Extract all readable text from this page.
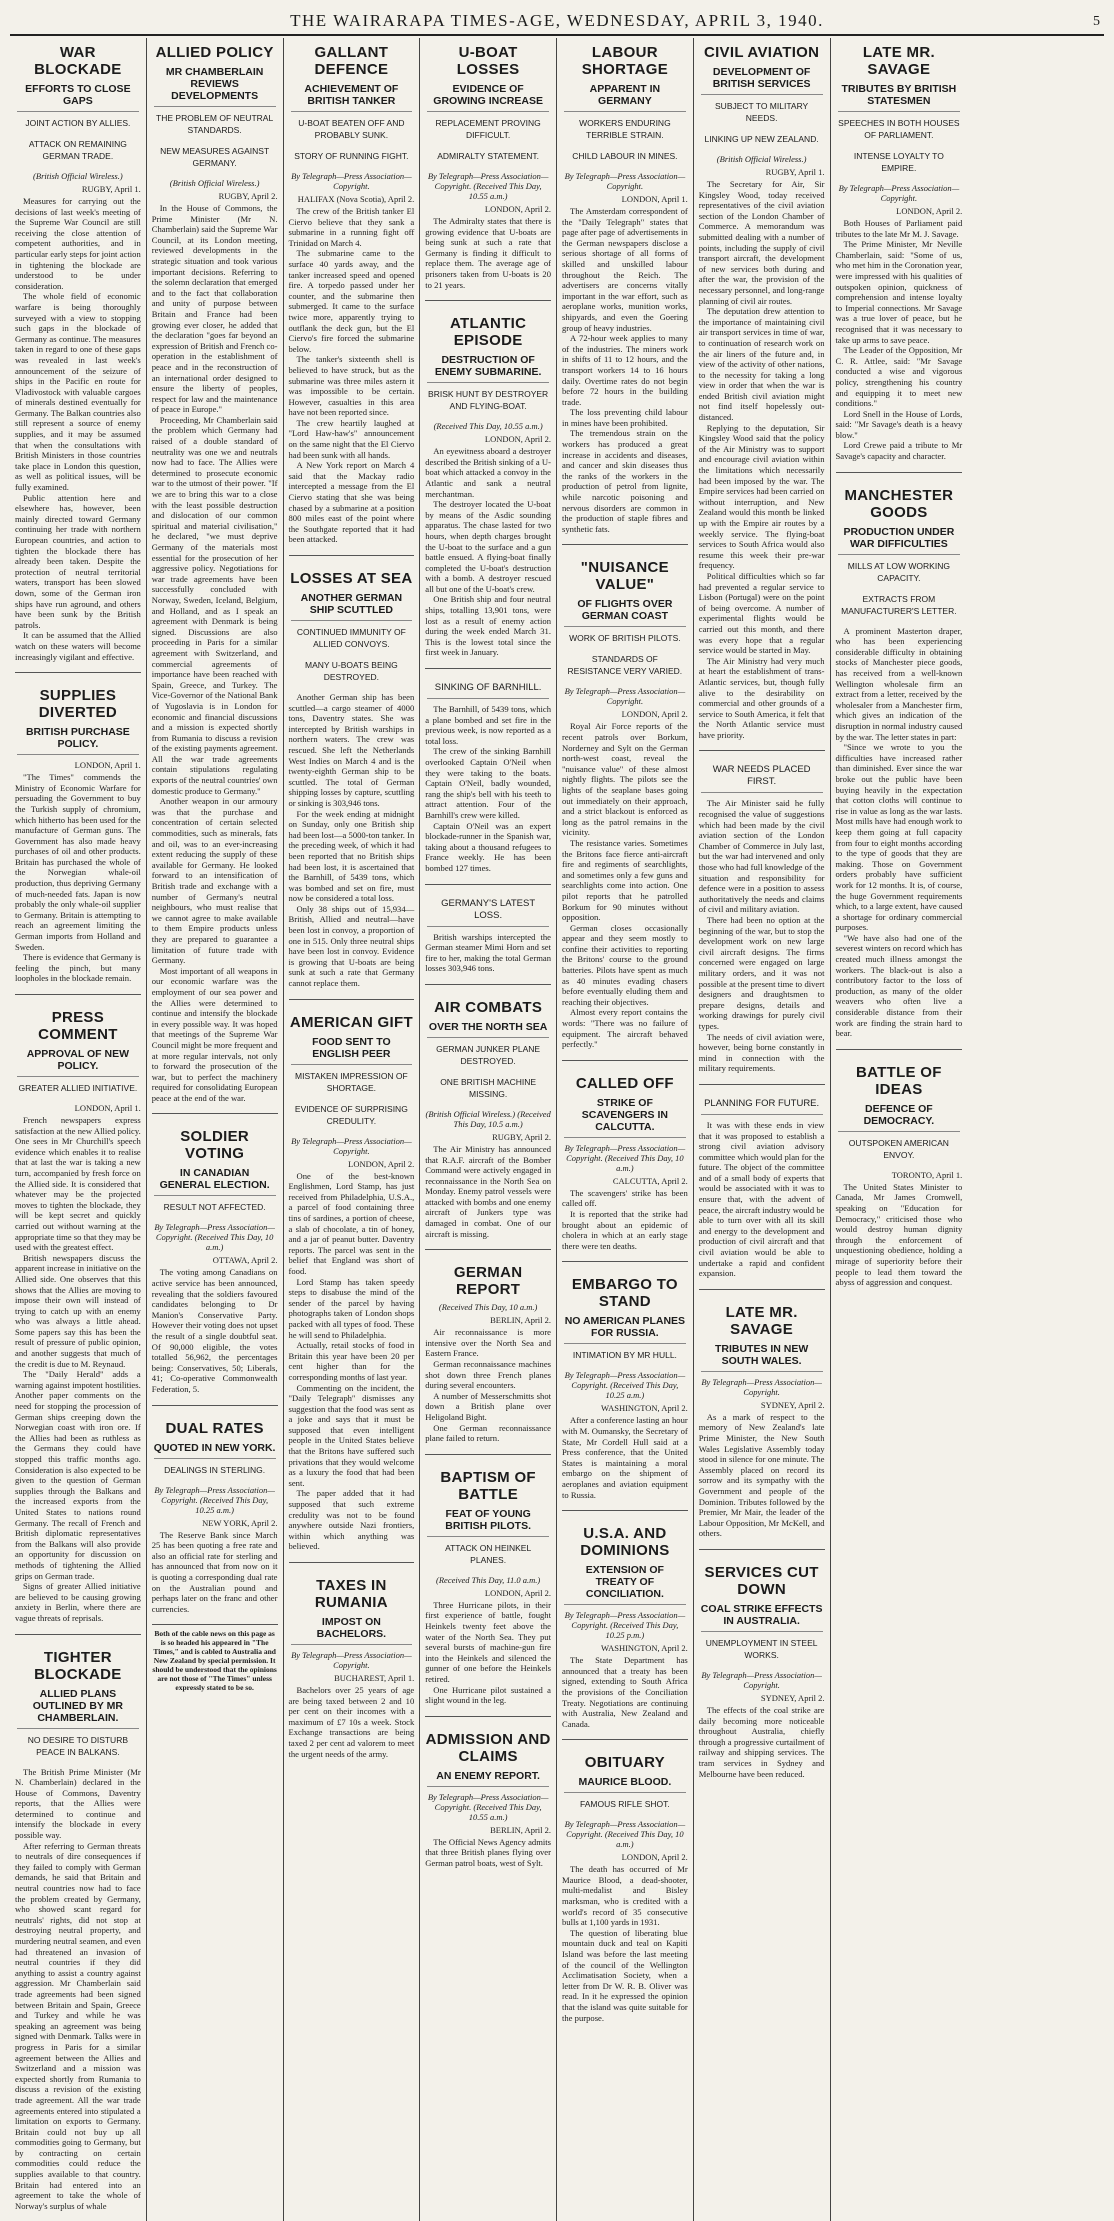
THE WAIRARAPA TIMES-AGE, WEDNESDAY, APRIL 3, 1940.	5
WAR BLOCKADE
EFFORTS TO CLOSE GAPS
JOINT ACTION BY ALLIES.
ATTACK ON REMAINING GERMAN TRADE.
(British Official Wireless.)
RUGBY, April 1.

Measures for carrying out the decisions of last week's meeting of the Supreme War Council are still receiving the close attention of competent authorities, and in particular early steps for joint action in tightening the blockade are understood to be under consideration.

The whole field of economic warfare is being thoroughly surveyed with a view to stopping such gaps in the blockade of Germany as continue. The measures taken in regard to one of these gaps was revealed in last week's announcement of the seizure of ships in the Pacific en route for Vladivostock with valuable cargoes of minerals destined eventually for Germany. The Balkan countries also still represent a source of enemy supplies, and it may be assumed that when the consultations with British Ministers in those countries take place in London this question, as well as political issues, will be fully examined.

Public attention here and elsewhere has, however, been mainly directed toward Germany continuing her trade with northern European countries, and action to tighten the blockade there has already been taken. Despite the protection of neutral territorial waters, transport has been slowed down, some of the German iron ships have run aground, and others have been sunk by the British patrols.

It can be assumed that the Allied watch on these waters will become increasingly vigilant and effective.

SUPPLIES DIVERTED
BRITISH PURCHASE POLICY.
LONDON, April 1.

"The Times" commends the Ministry of Economic Warfare for persuading the Government to buy the Turkish supply of chromium, which hitherto has been used for the manufacture of German guns. The Government has also made heavy purchases of oil and other products. Britain has purchased the whole of the Norwegian whale-oil production, thus depriving Germany of much-needed fats. Japan is now probably the only whale-oil supplier to Germany. Britain is attempting to reach an agreement limiting the German imports from Holland and Sweden.

There is evidence that Germany is feeling the pinch, but many loopholes in the blockade remain.

PRESS COMMENT
APPROVAL OF NEW POLICY.
GREATER ALLIED INITIATIVE.
LONDON, April 1.

French newspapers express satisfaction at the new Allied policy. One sees in Mr Churchill's speech evidence which enables it to realise that at last the war is taking a new turn, accompanied by fresh force on the Allied side. It is considered that whatever may be the projected moves to tighten the blockade, they will be kept secret and quickly carried out without warning at the appropriate time so that they may be used with the greatest effect.

British newspapers discuss the apparent increase in initiative on the Allied side. One observes that this shows that the Allies are moving to impose their own will instead of trying to catch up with an enemy who was always a little ahead. Some papers say this has been the result of pressure of public opinion, and another suggests that much of the credit is due to M. Reynaud.

The "Daily Herald" adds a warning against impotent hostilities. Another paper comments on the need for stopping the procession of German ships creeping down the Norwegian coast with iron ore. If the Allies had been as ruthless as the Germans they could have stopped this traffic months ago. Consideration is also expected to be given to the question of German supplies through the Balkans and the increased exports from the United States to nations round Germany. The recall of French and British diplomatic representatives from the Balkans will also provide an opportunity for discussion on methods of tightening the Allied grips on German trade.

Signs of greater Allied initiative are believed to be causing growing anxiety in Berlin, where there are vague threats of reprisals.

TIGHTER BLOCKADE
ALLIED PLANS OUTLINED BY MR CHAMBERLAIN.
NO DESIRE TO DISTURB PEACE IN BALKANS.

The British Prime Minister (Mr N. Chamberlain) declared in the House of Commons, Daventry reports, that the Allies were determined to continue and intensify the blockade in every possible way.

After referring to German threats to neutrals of dire consequences if they failed to comply with German demands, he said that Britain and neutral countries now had to face the problem created by Germany, who showed scant regard for neutrals' rights, did not stop at destroying neutral property, and murdering neutral seamen, and even had threatened an invasion of neutral countries if they did anything to assist a country against aggression. Mr Chamberlain said trade agreements had been signed between Britain and Spain, Greece and Turkey and while he was speaking an agreement was being signed with Denmark. Talks were in progress in Paris for a similar agreement between the Allies and Switzerland and a mission was expected shortly from Rumania to discuss a revision of the existing trade agreement. All the war trade agreements entered into stipulated a limitation on exports to Germany. Britain could not buy up all commodities going to Germany, but by contracting on certain commodities could reduce the supplies available to that country. Britain had entered into an agreement to take the whole of Norway's surplus of whale

ALLIED POLICY
MR CHAMBERLAIN REVIEWS DEVELOPMENTS
THE PROBLEM OF NEUTRAL STANDARDS.
NEW MEASURES AGAINST GERMANY.
(British Official Wireless.)
RUGBY, April 2.

In the House of Commons, the Prime Minister (Mr N. Chamberlain) said the Supreme War Council, at its London meeting, reviewed developments in the strategic situation and took various important decisions. Referring to the solemn declaration that emerged and to the fact that collaboration and unity of purpose between Britain and France had been growing ever closer, he added that the declaration "goes far beyond an expression of British and French co-operation in the establishment of peace and in the reconstruction of an international order designed to ensure the liberty of peoples, respect for law and the maintenance of peace in Europe."

Proceeding, Mr Chamberlain said the problem which Germany had raised of a double standard of neutrality was one we and neutrals now had to face. The Allies were determined to prosecute economic war to the utmost of their power. "If we are to bring this war to a close with the least possible destruction and dislocation of our common spiritual and material civilisation," he declared, "we must deprive Germany of the materials most essential for the prosecution of her aggressive policy. Negotiations for war trade agreements have been successfully concluded with Norway, Sweden, Iceland, Belgium, and Holland, and as I speak an agreement with Denmark is being signed. Discussions are also proceeding in Paris for a similar agreement with Switzerland, and commercial agreements of importance have been reached with Spain, Greece, and Turkey. The Vice-Governor of the National Bank of Yugoslavia is in London for economic and financial discussions and a mission is expected shortly from Rumania to discuss a revision of the existing payments agreement. All the war trade agreements contain stipulations regulating exports of the neutral countries' own domestic produce to Germany."

Another weapon in our armoury was that the purchase and concentration of certain selected commodities, such as minerals, fats and oil, was to an ever-increasing extent reducing the supply of these available for Germany. He looked forward to an intensification of British trade and exchange with a number of Germany's neutral neighbours, who must realise that we cannot agree to make available to them Empire products unless they are prepared to guarantee a limitation of future trade with Germany.

Most important of all weapons in our economic warfare was the employment of our sea power and the Allies were determined to continue and intensify the blockade in every possible way. It was hoped that meetings of the Supreme War Council might be more frequent and at more regular intervals, not only to forward the prosecution of the war, but to perfect the machinery required for consolidating European peace at the end of the war.

SOLDIER VOTING
IN CANADIAN GENERAL ELECTION.
RESULT NOT AFFECTED.
By Telegraph—Press Association—Copyright. (Received This Day, 10 a.m.)
OTTAWA, April 2.

The voting among Canadians on active service has been announced, revealing that the soldiers favoured candidates belonging to Dr Manion's Conservative Party. However their voting does not upset the result of a single doubtful seat. Of 90,000 eligible, the votes totalled 56,962, the percentages being: Conservatives, 50; Liberals, 41; Co-operative Commonwealth Federation, 5.

DUAL RATES
QUOTED IN NEW YORK.
DEALINGS IN STERLING.
By Telegraph—Press Association—Copyright. (Received This Day, 10.25 a.m.)
NEW YORK, April 2.

The Reserve Bank since March 25 has been quoting a free rate and also an official rate for sterling and has announced that from now on it is quoting a corresponding dual rate on the Australian pound and perhaps later on the franc and other currencies.

Both of the cable news on this page as is so headed his appeared in "The Times," and is cabled to Australia and New Zealand by special permission. It should be understood that the opinions are not those of "The Times" unless expressly stated to be so.
GALLANT DEFENCE
ACHIEVEMENT OF BRITISH TANKER
U-BOAT BEATEN OFF AND PROBABLY SUNK.
STORY OF RUNNING FIGHT.
By Telegraph—Press Association—Copyright.
HALIFAX (Nova Scotia), April 2.

The crew of the British tanker El Ciervo believe that they sank a submarine in a running fight off Trinidad on March 4.

The submarine came to the surface 40 yards away, and the tanker increased speed and opened fire. A torpedo passed under her counter, and the submarine then submerged. It came to the surface twice more, apparently trying to outflank the deck gun, but the El Ciervo's fire forced the submarine below.

The tanker's sixteenth shell is believed to have struck, but as the submarine was three miles astern it was impossible to be certain. However, casualties in this area have not been reported since.

The crew heartily laughed at "Lord Haw-haw's" announcement on the same night that the El Ciervo had been sunk with all hands.

A New York report on March 4 said that the Mackay radio intercepted a message from the El Ciervo stating that she was being chased by a submarine at a position 800 miles east of the point where the Southgate reported that it had been attacked.

LOSSES AT SEA
ANOTHER GERMAN SHIP SCUTTLED
CONTINUED IMMUNITY OF ALLIED CONVOYS.
MANY U-BOATS BEING DESTROYED.

Another German ship has been scuttled—a cargo steamer of 4000 tons, Daventry states. She was intercepted by British warships in northern waters. The crew was rescued. She left the Netherlands West Indies on March 4 and is the twenty-eighth German ship to be scuttled. The total of German shipping losses by capture, scuttling or sinking is 303,946 tons.

For the week ending at midnight on Sunday, only one British ship had been lost—a 5000-ton tanker. In the preceding week, of which it had been reported that no British ships had been lost, it is ascertained that the Barnhill, of 5439 tons, which was bombed and set on fire, must now be considered a total loss.

Only 38 ships out of 15,934—British, Allied and neutral—have been lost in convoy, a proportion of one in 515. Only three neutral ships have been lost in convoy. Evidence is growing that U-boats are being sunk at such a rate that Germany cannot replace them.

AMERICAN GIFT
FOOD SENT TO ENGLISH PEER
MISTAKEN IMPRESSION OF SHORTAGE.
EVIDENCE OF SURPRISING CREDULITY.
By Telegraph—Press Association—Copyright.
LONDON, April 2.

One of the best-known Englishmen, Lord Stamp, has just received from Philadelphia, U.S.A., a parcel of food containing three tins of sardines, a portion of cheese, a slab of chocolate, a tin of honey, and a jar of peanut butter. Daventry reports. The parcel was sent in the belief that England was short of food.

Lord Stamp has taken speedy steps to disabuse the mind of the sender of the parcel by having photographs taken of London shops packed with all types of food. These he will send to Philadelphia.

Actually, retail stocks of food in Britain this year have been 20 per cent higher than for the corresponding months of last year.

Commenting on the incident, the "Daily Telegraph" dismisses any suggestion that the food was sent as a joke and says that it must be supposed that even intelligent people in the United States believe that the Britons have suffered such privations that they would welcome as a luxury the food that had been sent.

The paper added that it had supposed that such extreme credulity was not to be found anywhere outside Nazi frontiers, within which anything was believed.

TAXES IN RUMANIA
IMPOST ON BACHELORS.
By Telegraph—Press Association—Copyright.
BUCHAREST, April 1.

Bachelors over 25 years of age are being taxed between 2 and 10 per cent on their incomes with a maximum of £7 10s a week. Stock Exchange transactions are being taxed 2 per cent ad valorem to meet the urgent needs of the army.

U-BOAT LOSSES
EVIDENCE OF GROWING INCREASE
REPLACEMENT PROVING DIFFICULT.
ADMIRALTY STATEMENT.
By Telegraph—Press Association—Copyright. (Received This Day, 10.55 a.m.)
LONDON, April 2.

The Admiralty states that there is growing evidence that U-boats are being sunk at such a rate that Germany is finding it difficult to replace them. The average age of prisoners taken from U-boats is 20 to 21 years.

ATLANTIC EPISODE
DESTRUCTION OF ENEMY SUBMARINE.
BRISK HUNT BY DESTROYER AND FLYING-BOAT.
(Received This Day, 10.55 a.m.)
LONDON, April 2.

An eyewitness aboard a destroyer described the British sinking of a U-boat which attacked a convoy in the Atlantic and sank a neutral merchantman.

The destroyer located the U-boat by means of the Asdic sounding apparatus. The chase lasted for two hours, when depth charges brought the U-boat to the surface and a gun battle ensued. A flying-boat finally completed the U-boat's destruction with a bomb. A destroyer rescued all but one of the U-boat's crew.

One British ship and four neutral ships, totalling 13,901 tons, were lost as a result of enemy action during the week ended March 31. This is the lowest total since the first week in January.

SINKING OF BARNHILL.

The Barnhill, of 5439 tons, which a plane bombed and set fire in the previous week, is now reported as a total loss.

The crew of the sinking Barnhill overlooked Captain O'Neil when they were taking to the boats. Captain O'Neil, badly wounded, rang the ship's bell with his teeth to attract attention. Four of the Barnhill's crew were killed.

Captain O'Neil was an expert blockade-runner in the Spanish war, taking about a thousand refugees to France weekly. He has been bombed 127 times.

GERMANY'S LATEST LOSS.

British warships intercepted the German steamer Mimi Horn and set fire to her, making the total German losses 303,946 tons.

AIR COMBATS
OVER THE NORTH SEA
GERMAN JUNKER PLANE DESTROYED.
ONE BRITISH MACHINE MISSING.
(British Official Wireless.) (Received This Day, 10.5 a.m.)
RUGBY, April 2.

The Air Ministry has announced that R.A.F. aircraft of the Bomber Command were actively engaged in reconnaissance in the North Sea on Monday. Enemy patrol vessels were attacked with bombs and one enemy aircraft of Junkers type was damaged in combat. One of our aircraft is missing.

GERMAN REPORT
(Received This Day, 10 a.m.)
BERLIN, April 2.

Air reconnaissance is more intensive over the North Sea and Eastern France.

German reconnaissance machines shot down three French planes during several encounters.

A number of Messerschmitts shot down a British plane over Heligoland Bight.

One German reconnaissance plane failed to return.

BAPTISM OF BATTLE
FEAT OF YOUNG BRITISH PILOTS.
ATTACK ON HEINKEL PLANES.
(Received This Day, 11.0 a.m.)
LONDON, April 2.

Three Hurricane pilots, in their first experience of battle, fought Heinkels twenty feet above the water of the North Sea. They put several bursts of machine-gun fire into the Heinkels and silenced the gunner of one before the Heinkels retired.

One Hurricane pilot sustained a slight wound in the leg.

ADMISSION AND CLAIMS
AN ENEMY REPORT.
By Telegraph—Press Association—Copyright. (Received This Day, 10.55 a.m.)
BERLIN, April 2.

The Official News Agency admits that three British planes flying over German patrol boats, west of Sylt.

LABOUR SHORTAGE
APPARENT IN GERMANY
WORKERS ENDURING TERRIBLE STRAIN.
CHILD LABOUR IN MINES.
By Telegraph—Press Association—Copyright.
LONDON, April 1.

The Amsterdam correspondent of the "Daily Telegraph" states that page after page of advertisements in the German newspapers disclose a serious shortage of all forms of skilled and unskilled labour throughout the Reich. The advertisers are concerns vitally important in the war effort, such as aeroplane works, munition works, shipyards, and even the Goering group of heavy industries.

A 72-hour week applies to many of the industries. The miners work in shifts of 11 to 12 hours, and the transport workers 14 to 16 hours daily. Overtime rates do not begin before 72 hours in the building trade.

The loss preventing child labour in mines have been prohibited.

The tremendous strain on the workers has produced a great increase in accidents and diseases, and cancer and skin diseases thus the ranks of the workers in the production of petrol from lignite, while narcotic poisoning and nervous disorders are common in the production of staple fibres and synthetic fats.

"NUISANCE VALUE"
OF FLIGHTS OVER GERMAN COAST
WORK OF BRITISH PILOTS.
STANDARDS OF RESISTANCE VERY VARIED.
By Telegraph—Press Association—Copyright.
LONDON, April 2.

Royal Air Force reports of the recent patrols over Borkum, Norderney and Sylt on the German north-west coast, reveal the "nuisance value" of these almost nightly flights. The pilots see the lights of the seaplane bases going out immediately on their approach, and a strict blackout is enforced as long as the patrol remains in the vicinity.

The resistance varies. Sometimes the Britons face fierce anti-aircraft fire and regiments of searchlights, and sometimes only a few guns and searchlights come into action. One pilot reports that he patrolled Borkum for 90 minutes without opposition.

German closes occasionally appear and they seem mostly to confine their activities to reporting the Britons' course to the ground batteries. Pilots have spent as much as 40 minutes evading chasers before eventually eluding them and reaching their objectives.

Almost every report contains the words: "There was no failure of equipment. The aircraft behaved perfectly."

CALLED OFF
STRIKE OF SCAVENGERS IN CALCUTTA.
By Telegraph—Press Association—Copyright. (Received This Day, 10 a.m.)
CALCUTTA, April 2.

The scavengers' strike has been called off.

It is reported that the strike had brought about an epidemic of cholera in which at an early stage there were ten deaths.

EMBARGO TO STAND
NO AMERICAN PLANES FOR RUSSIA.
INTIMATION BY MR HULL.
By Telegraph—Press Association—Copyright. (Received This Day, 10.25 a.m.)
WASHINGTON, April 2.

After a conference lasting an hour with M. Oumansky, the Secretary of State, Mr Cordell Hull said at a Press conference, that the United States is maintaining a moral embargo on the shipment of aeroplanes and aviation equipment to Russia.

U.S.A. AND DOMINIONS
EXTENSION OF TREATY OF CONCILIATION.
By Telegraph—Press Association—Copyright. (Received This Day, 10.25 p.m.)
WASHINGTON, April 2.

The State Department has announced that a treaty has been signed, extending to South Africa the provisions of the Conciliation Treaty. Negotiations are continuing with Australia, New Zealand and Canada.

OBITUARY
MAURICE BLOOD.
FAMOUS RIFLE SHOT.
By Telegraph—Press Association—Copyright. (Received This Day, 10 a.m.)
LONDON, April 2.

The death has occurred of Mr Maurice Blood, a dead-shooter, multi-medalist and Bisley marksman, who is credited with a world's record of 35 consecutive bulls at 1,100 yards in 1931.

The question of liberating blue mountain duck and teal on Kapiti Island was before the last meeting of the council of the Wellington Acclimatisation Society, when a letter from Dr W. R. B. Oliver was read. In it he expressed the opinion that the island was quite suitable for the purpose.

CIVIL AVIATION
DEVELOPMENT OF BRITISH SERVICES
SUBJECT TO MILITARY NEEDS.
LINKING UP NEW ZEALAND.
(British Official Wireless.)
RUGBY, April 1.

The Secretary for Air, Sir Kingsley Wood, today received representatives of the civil aviation section of the London Chamber of Commerce. A memorandum was submitted dealing with a number of points, including the supply of civil transport aircraft, the development of new services both during and after the war, the provision of the necessary personnel, and long-range planning of civil air routes.

The deputation drew attention to the importance of maintaining civil air transport services in time of war, to continuation of research work on the air liners of the future and, in view of the activity of other nations, to the necessity for taking a long view in order that when the war is ended British civil aviation might not find itself hopelessly out-distanced.

Replying to the deputation, Sir Kingsley Wood said that the policy of the Air Ministry was to support and encourage civil aviation within the limitations which necessarily had been imposed by the war. The Empire services had been carried on without interruption, and New Zealand would this month be linked up with the Empire air routes by a weekly service. The flying-boat services to South Africa would also resume this week their pre-war frequency.

Political difficulties which so far had prevented a regular service to Lisbon (Portugal) were on the point of being overcome. A number of experimental flights would be carried out this month, and there was every hope that a regular service would be started in May.

The Air Ministry had very much at heart the establishment of trans-Atlantic services, but, though fully alive to the desirability on commercial and other grounds of a service to South America, it felt that the North Atlantic service must have priority.

WAR NEEDS PLACED FIRST.

The Air Minister said he fully recognised the value of suggestions which had been made by the civil aviation section of the London Chamber of Commerce in July last, but the war had intervened and only those who had full knowledge of the situation and responsibility for defence were in a position to assess authoritatively the needs and claims of civil and military aviation.

There had been no option at the beginning of the war, but to stop the development work on new large civil aircraft designs. The firms concerned were engaged on large military orders, and it was not possible at the present time to divert designers and draughtsmen to prepare designs, details and working drawings for purely civil types.

The needs of civil aviation were, however, being borne constantly in mind in connection with the military requirements.

PLANNING FOR FUTURE.

It was with these ends in view that it was proposed to establish a strong civil aviation advisory committee which would plan for the future. The object of the committee and of a small body of experts that would be associated with it was to ensure that, with the advent of peace, the aircraft industry would be able to turn over with all its skill and energy to the development and production of civil aircraft and that civil aviation would be able to undertake a rapid and confident expansion.

LATE MR. SAVAGE
TRIBUTES IN NEW SOUTH WALES.
By Telegraph—Press Association—Copyright.
SYDNEY, April 2.

As a mark of respect to the memory of New Zealand's late Prime Minister, the New South Wales Legislative Assembly today stood in silence for one minute. The Assembly placed on record its sorrow and its sympathy with the Government and people of the Dominion. Tributes followed by the Premier, Mr Mair, the leader of the Labour Opposition, Mr McKell, and others.

SERVICES CUT DOWN
COAL STRIKE EFFECTS IN AUSTRALIA.
UNEMPLOYMENT IN STEEL WORKS.
By Telegraph—Press Association—Copyright.
SYDNEY, April 2.

The effects of the coal strike are daily becoming more noticeable throughout Australia, chiefly through a progressive curtailment of railway and shipping services. The tram services in Sydney and Melbourne have been reduced.

LATE MR. SAVAGE
TRIBUTES BY BRITISH STATESMEN
SPEECHES IN BOTH HOUSES OF PARLIAMENT.
INTENSE LOYALTY TO EMPIRE.
By Telegraph—Press Association—Copyright.
LONDON, April 2.

Both Houses of Parliament paid tributes to the late Mr M. J. Savage.

The Prime Minister, Mr Neville Chamberlain, said: "Some of us, who met him in the Coronation year, were impressed with his qualities of outspoken opinion, quickness of comprehension and intense loyalty to Imperial connections. Mr Savage was a true lover of peace, but he recognised that it was necessary to take up arms to save peace.

The Leader of the Opposition, Mr C. R. Attlee, said: "Mr Savage conducted a wise and vigorous policy, strengthening his country and equipping it to meet new conditions."

Lord Snell in the House of Lords, said: "Mr Savage's death is a heavy blow."

Lord Crewe paid a tribute to Mr Savage's capacity and character.

MANCHESTER GOODS
PRODUCTION UNDER WAR DIFFICULTIES
MILLS AT LOW WORKING CAPACITY.
EXTRACTS FROM MANUFACTURER'S LETTER.

A prominent Masterton draper, who has been experiencing considerable difficulty in obtaining stocks of Manchester piece goods, has received from a well-known Wellington wholesale firm an extract from a letter, received by the wholesaler from a Manchester firm, which gives an indication of the disruption in normal industry caused by the war. The letter states in part:

"Since we wrote to you the difficulties have increased rather than diminished. Ever since the war broke out the public have been buying heavily in the expectation that cotton cloths will continue to rise in value as long as the war lasts. Most mills have had enough work to keep them going at full capacity from four to eight months according to the type of goods that they are making. Those on Government orders probably have sufficient work for 12 months. It is, of course, the huge Government requirements which, to a large extent, have caused a shortage for ordinary commercial purposes.

"We have also had one of the severest winters on record which has created much illness amongst the workers. The black-out is also a contributory factor to the loss of production, as many of the older weavers who often live a considerable distance from their work are finding the strain hard to bear.

BATTLE OF IDEAS
DEFENCE OF DEMOCRACY.
OUTSPOKEN AMERICAN ENVOY.
TORONTO, April 1.

The United States Minister to Canada, Mr James Cromwell, speaking on "Education for Democracy," criticised those who would destroy human dignity through the enforcement of unquestioning obedience, holding a mirage of superiority before their people to lead them toward the abyss of aggression and conquest.
